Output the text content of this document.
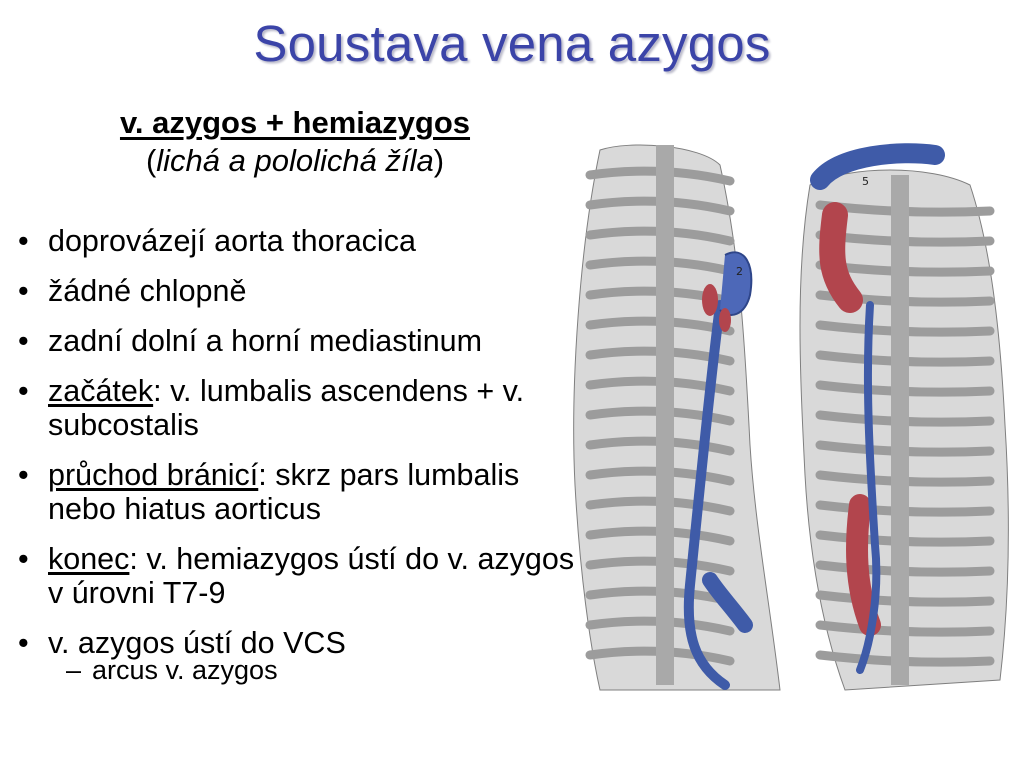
Soustava vena azygos
v. azygos + hemiazygos
(lichá a pololichá žíla)
• doprovázejí aorta thoracica
• žádné chlopně
• zadní dolní a horní mediastinum
• začátek: v. lumbalis ascendens + v. subcostalis
• průchod bránicí: skrz pars lumbalis nebo hiatus aorticus
• konec: v. hemiazygos ústí do v. azygos v úrovni T7-9
• v. azygos ústí do VCS
– arcus v. azygos
2
5
